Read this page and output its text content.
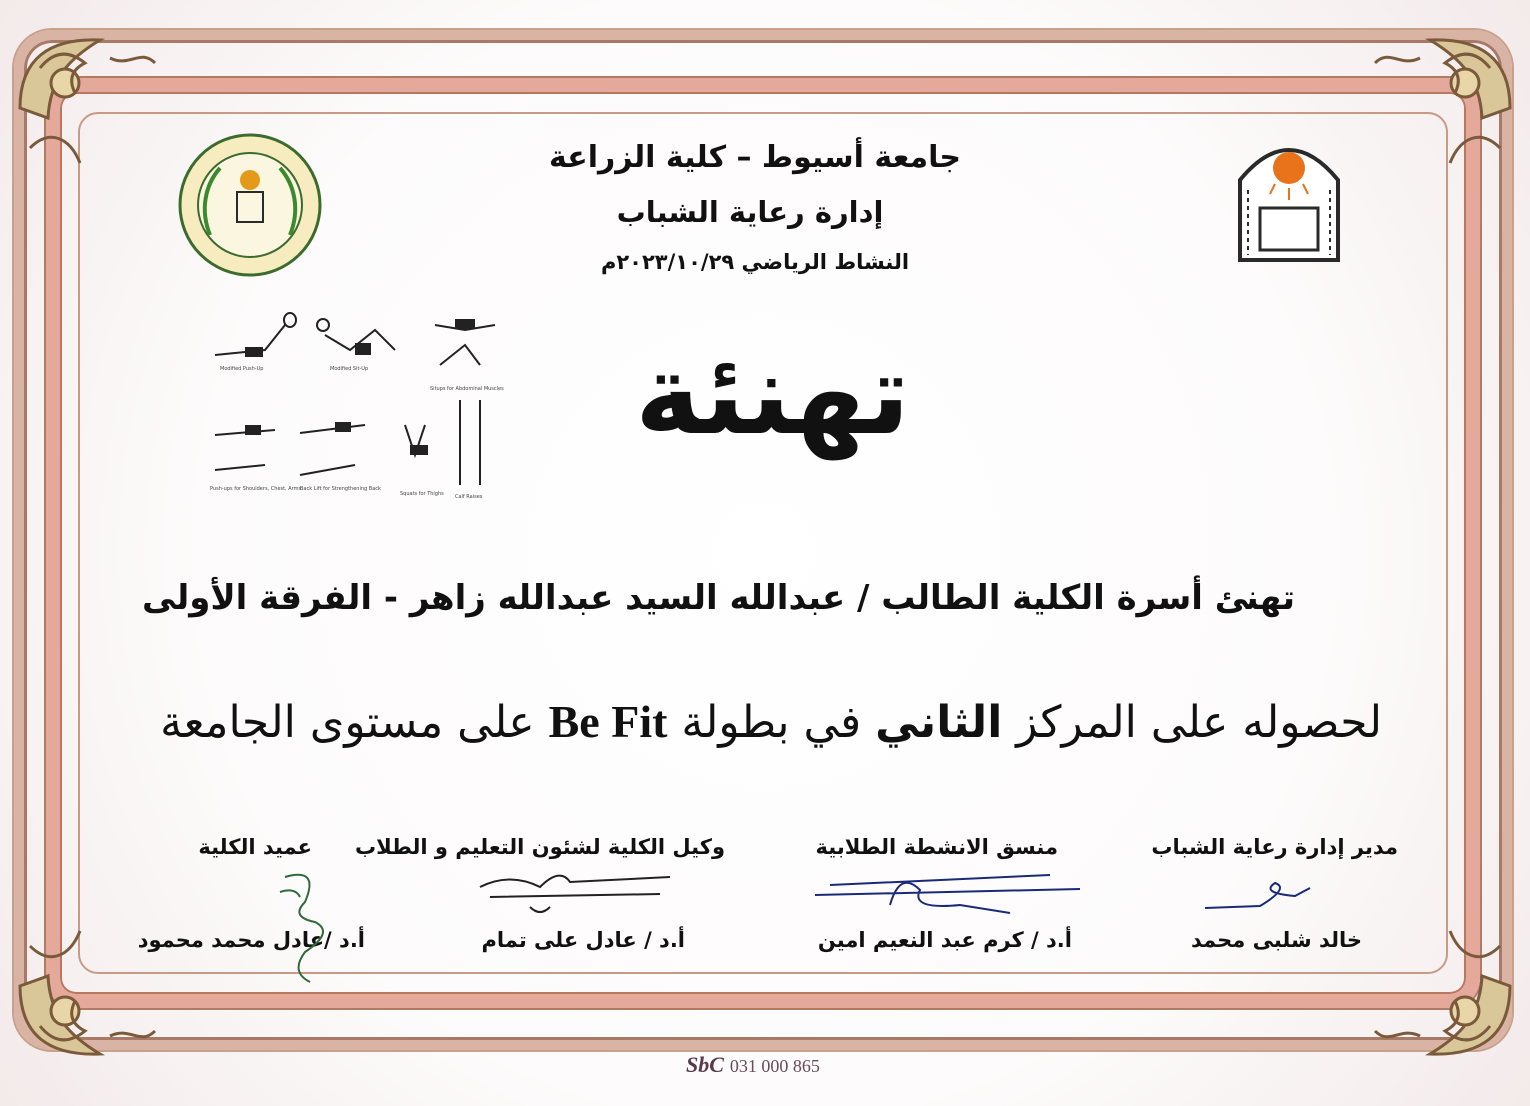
Modified Push-Up	Modified Sit-Up
Situps for Abdominal Muscles
Push-ups for Shoulders, Chest, Arms
Back Lift for Strengthening Back
Squats for Thighs Calf Raises
جامعة أسيوط – كلية الزراعة
إدارة رعاية الشباب
النشاط الرياضي ٢٠٢٣/١٠/٢٩م
تهنئة
تهنئ أسرة الكلية الطالب / عبدالله السيد عبدالله زاهر - الفرقة الأولى
لحصوله على المركز الثاني في بطولة Be Fit على مستوى الجامعة
مدير إدارة رعاية الشباب
خالد شلبى محمد
منسق الانشطة الطلابية
أ.د / كرم عبد النعيم امين
وكيل الكلية لشئون التعليم و الطلاب
أ.د / عادل على تمام
عميد الكلية
أ.د /عادل محمد محمود
SbC 031 000 865
